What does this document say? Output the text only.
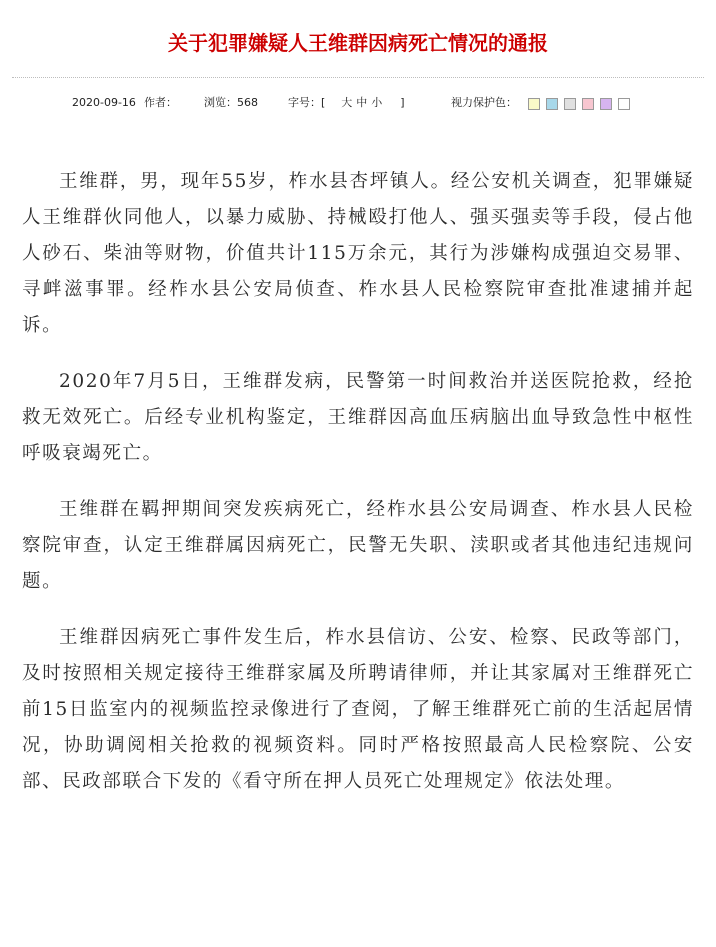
关于犯罪嫌疑人王维群因病死亡情况的通报
2020-09-16 作者： 浏览：568	字号：[ 大 中 小 ]	视力保护色：

王维群，男，现年55岁，柞水县杏坪镇人。经公安机关调查，犯罪嫌疑人王维群伙同他人，以暴力威胁、持械殴打他人、强买强卖等手段，侵占他人砂石、柴油等财物，价值共计115万余元，其行为涉嫌构成强迫交易罪、寻衅滋事罪。经柞水县公安局侦查、柞水县人民检察院审查批准逮捕并起诉。

2020年7月5日，王维群发病，民警第一时间救治并送医院抢救，经抢救无效死亡。后经专业机构鉴定，王维群因高血压病脑出血导致急性中枢性呼吸衰竭死亡。

王维群在羁押期间突发疾病死亡，经柞水县公安局调查、柞水县人民检察院审查，认定王维群属因病死亡，民警无失职、渎职或者其他违纪违规问题。

王维群因病死亡事件发生后，柞水县信访、公安、检察、民政等部门，及时按照相关规定接待王维群家属及所聘请律师，并让其家属对王维群死亡前15日监室内的视频监控录像进行了查阅，了解王维群死亡前的生活起居情况，协助调阅相关抢救的视频资料。同时严格按照最高人民检察院、公安部、民政部联合下发的《看守所在押人员死亡处理规定》依法处理。
